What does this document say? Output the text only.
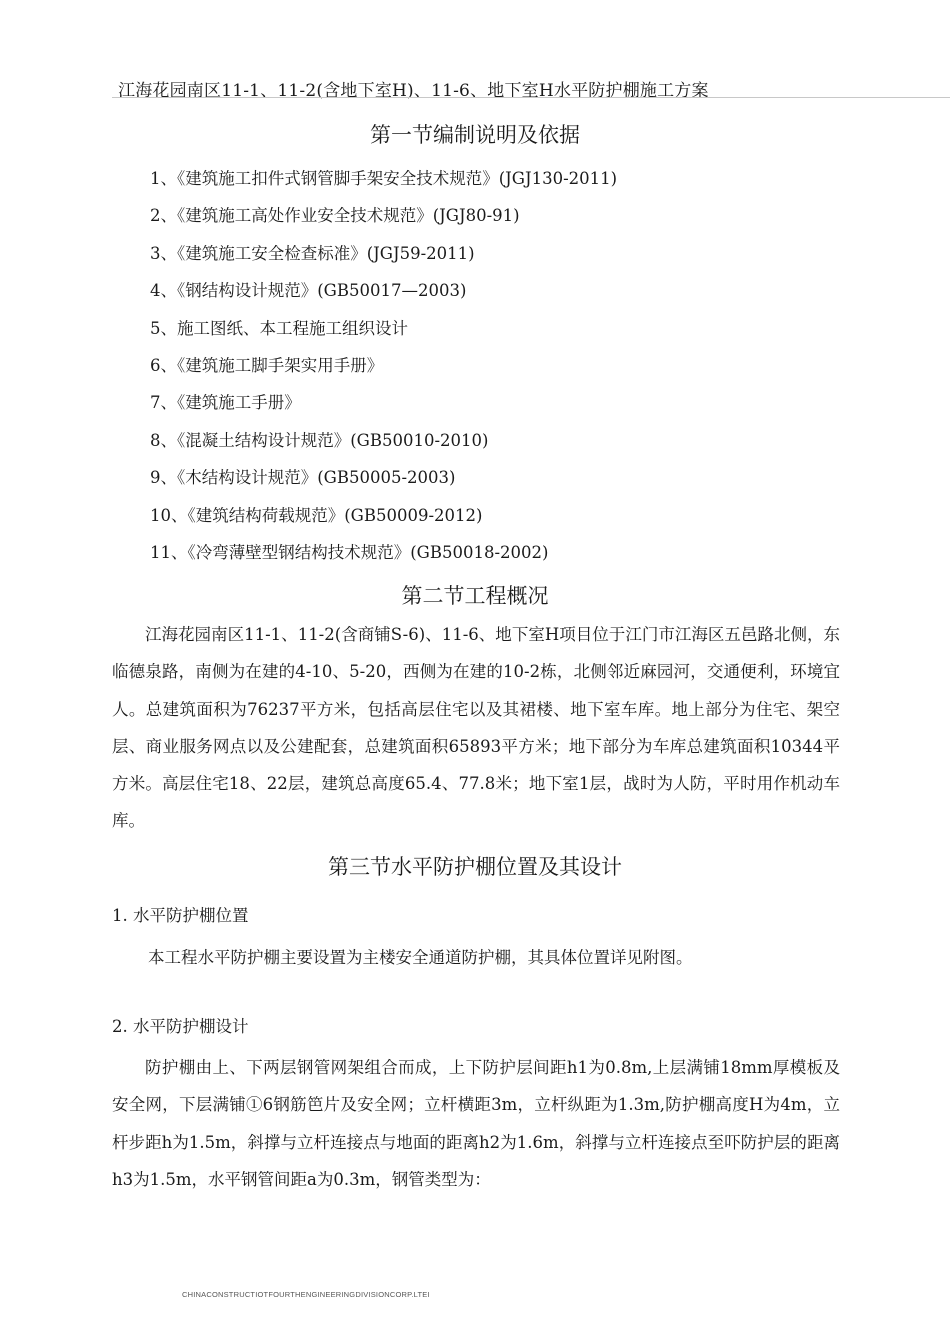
江海花园南区11-1、11-2(含地下室H)、11-6、地下室H水平防护棚施工方案
第一节编制说明及依据
1、《建筑施工扣件式钢管脚手架安全技术规范》(JGJ130-2011)
2、《建筑施工高处作业安全技术规范》(JGJ80-91)
3、《建筑施工安全检查标准》(JGJ59-2011)
4、《钢结构设计规范》(GB50017—2003)
5、施工图纸、本工程施工组织设计
6、《建筑施工脚手架实用手册》
7、《建筑施工手册》
8、《混凝土结构设计规范》(GB50010-2010)
9、《木结构设计规范》(GB50005-2003)
10、《建筑结构荷载规范》(GB50009-2012)
11、《冷弯薄壁型钢结构技术规范》(GB50018-2002)
第二节工程概况

江海花园南区11-1、11-2(含商铺S-6)、11-6、地下室H项目位于江门市江海区五邑路北侧，东临德泉路，南侧为在建的4-10、5-20，西侧为在建的10-2栋，北侧邻近麻园河，交通便利，环境宜人。总建筑面积为76237平方米，包括高层住宅以及其裙楼、地下室车库。地上部分为住宅、架空层、商业服务网点以及公建配套，总建筑面积65893平方米；地下部分为车库总建筑面积10344平方米。高层住宅18、22层，建筑总高度65.4、77.8米；地下室1层，战时为人防，平时用作机动车库。

第三节水平防护棚位置及其设计
1. 水平防护棚位置
本工程水平防护棚主要设置为主楼安全通道防护棚，其具体位置详见附图。
2. 水平防护棚设计

防护棚由上、下两层钢管网架组合而成，上下防护层间距h1为0.8m,上层满铺18mm厚模板及安全网，下层满铺①6钢筋笆片及安全网；立杆横距3m，立杆纵距为1.3m,防护棚高度H为4m，立杆步距h为1.5m，斜撑与立杆连接点与地面的距离h2为1.6m，斜撑与立杆连接点至吓防护层的距离h3为1.5m，水平钢管间距a为0.3m，钢管类型为：

CHINACONSTRUCTIOTFOURTHENGINEERINGDIVISIONCORP.LTEI
